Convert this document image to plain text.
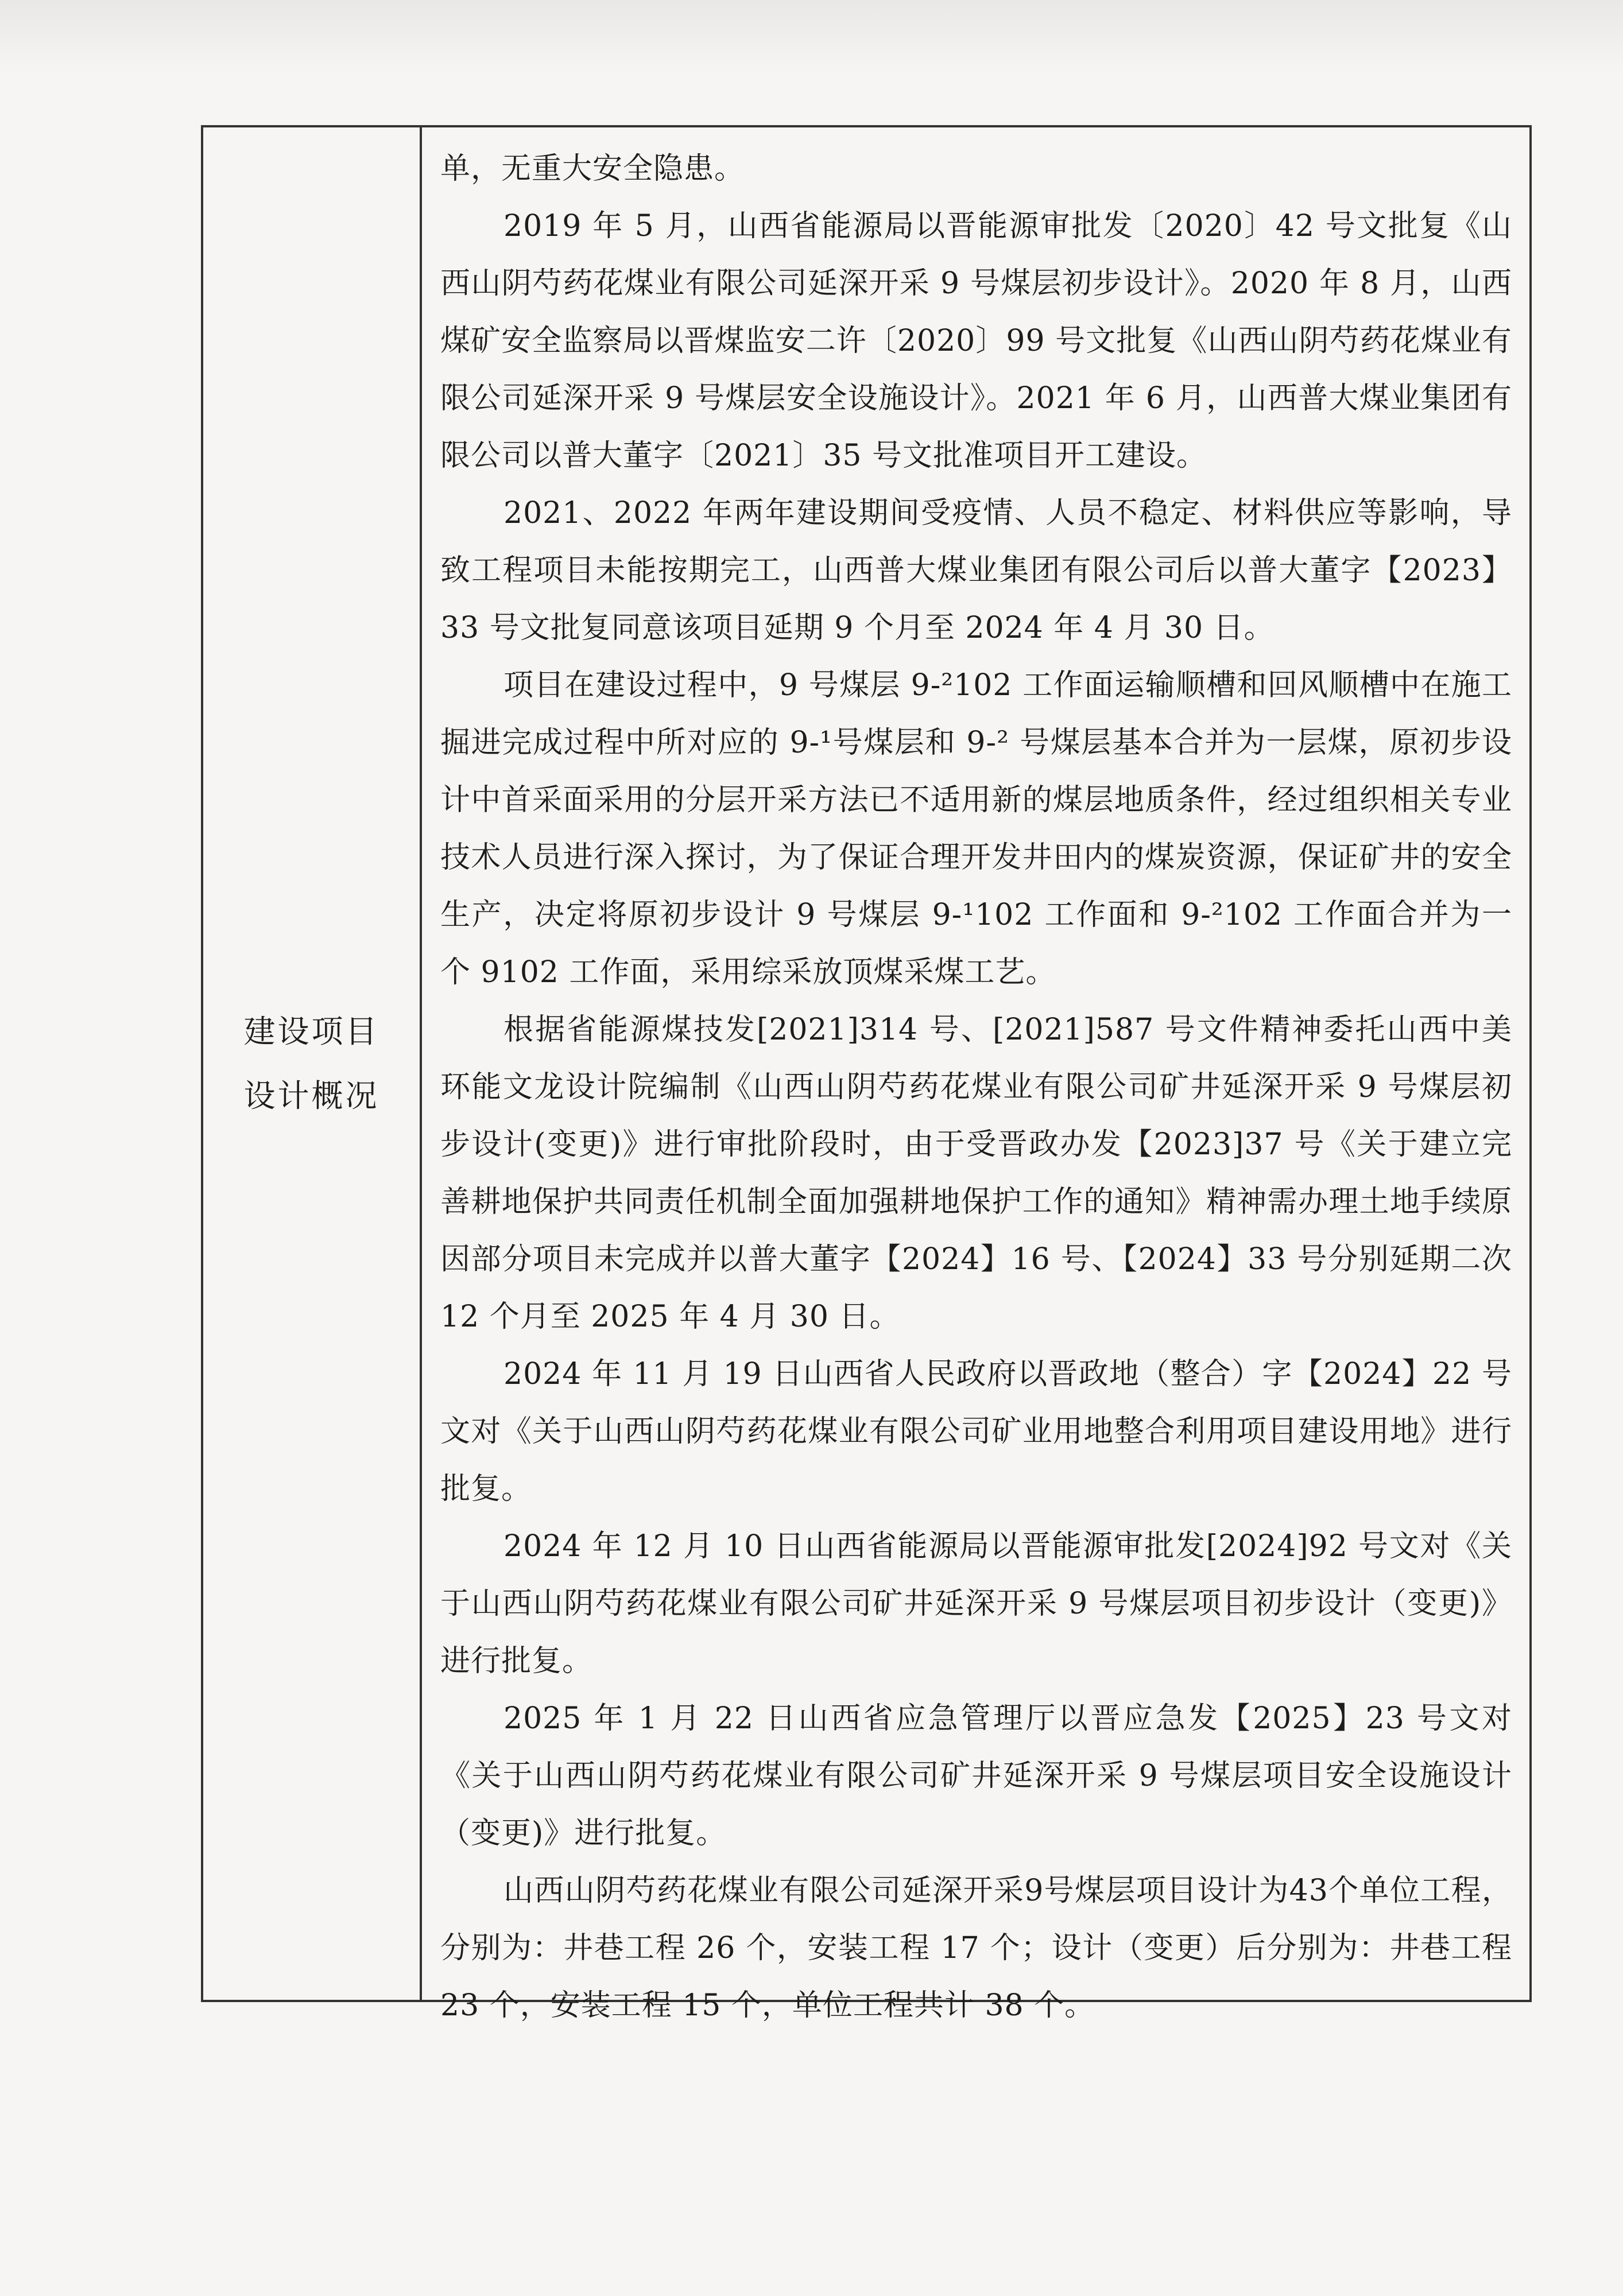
建设项目
设计概况

单，无重大安全隐患。

2019 年 5 月，山西省能源局以晋能源审批发〔2020〕42 号文批复《山西山阴芍药花煤业有限公司延深开采 9 号煤层初步设计》。2020 年 8 月，山西煤矿安全监察局以晋煤监安二许〔2020〕99 号文批复《山西山阴芍药花煤业有限公司延深开采 9 号煤层安全设施设计》。2021 年 6 月，山西普大煤业集团有限公司以普大董字〔2021〕35 号文批准项目开工建设。

2021、2022 年两年建设期间受疫情、人员不稳定、材料供应等影响，导致工程项目未能按期完工，山西普大煤业集团有限公司后以普大董字【2023】33 号文批复同意该项目延期 9 个月至 2024 年 4 月 30 日。

项目在建设过程中，9 号煤层 9-²102 工作面运输顺槽和回风顺槽中在施工掘进完成过程中所对应的 9-¹号煤层和 9-² 号煤层基本合并为一层煤，原初步设计中首采面采用的分层开采方法已不适用新的煤层地质条件，经过组织相关专业技术人员进行深入探讨，为了保证合理开发井田内的煤炭资源，保证矿井的安全生产，决定将原初步设计 9 号煤层 9-¹102 工作面和 9-²102 工作面合并为一个 9102 工作面，采用综采放顶煤采煤工艺。

根据省能源煤技发[2021]314 号、[2021]587 号文件精神委托山西中美环能文龙设计院编制《山西山阴芍药花煤业有限公司矿井延深开采 9 号煤层初步设计(变更)》进行审批阶段时，由于受晋政办发【2023]37 号《关于建立完善耕地保护共同责任机制全面加强耕地保护工作的通知》精神需办理土地手续原因部分项目未完成并以普大董字【2024】16 号、【2024】33 号分别延期二次 12 个月至 2025 年 4 月 30 日。

2024 年 11 月 19 日山西省人民政府以晋政地（整合）字【2024】22 号文对《关于山西山阴芍药花煤业有限公司矿业用地整合利用项目建设用地》进行批复。

2024 年 12 月 10 日山西省能源局以晋能源审批发[2024]92 号文对《关于山西山阴芍药花煤业有限公司矿井延深开采 9 号煤层项目初步设计（变更)》进行批复。

2025 年 1 月 22 日山西省应急管理厅以晋应急发【2025】23 号文对《关于山西山阴芍药花煤业有限公司矿井延深开采 9 号煤层项目安全设施设计（变更)》进行批复。

山西山阴芍药花煤业有限公司延深开采9号煤层项目设计为43个单位工程，分别为：井巷工程 26 个，安装工程 17 个；设计（变更）后分别为：井巷工程 23 个，安装工程 15 个，单位工程共计 38 个。
